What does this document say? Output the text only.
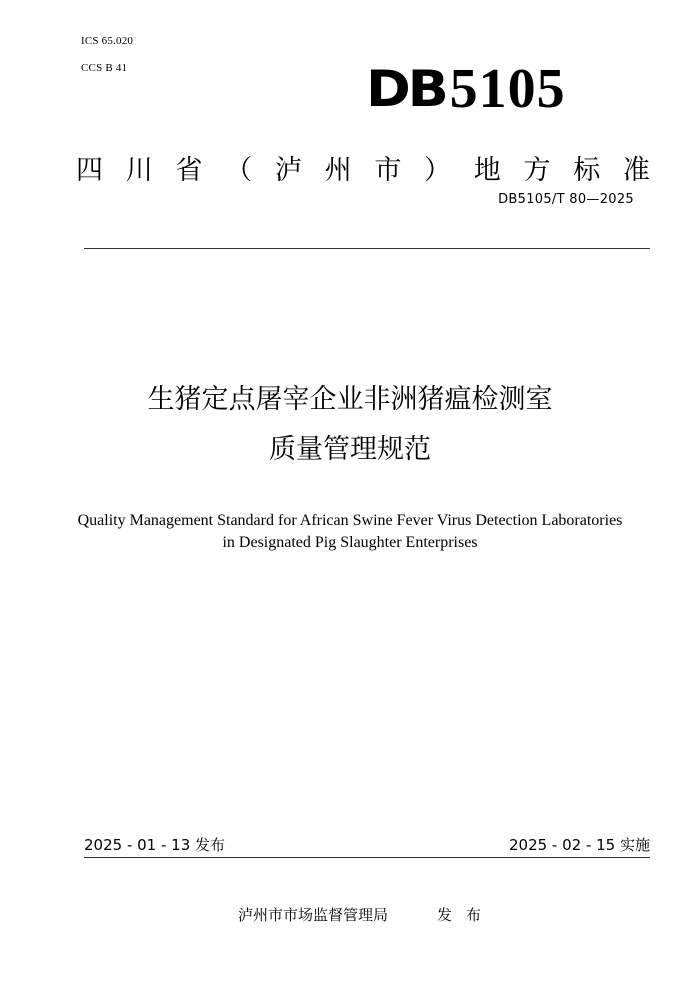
ICS 65.020
CCS B 41	DB 5105
四 川 省 （ 泸 州 市 ） 地 方 标 准
DB5105/T 80—2025
生猪定点屠宰企业非洲猪瘟检测室
质量管理规范
Quality Management Standard for African Swine Fever Virus Detection Laboratories
in Designated Pig Slaughter Enterprises
2025 - 01 - 13 发布	2025 - 02 - 15 实施
泸州市市场监督管理局	发布
